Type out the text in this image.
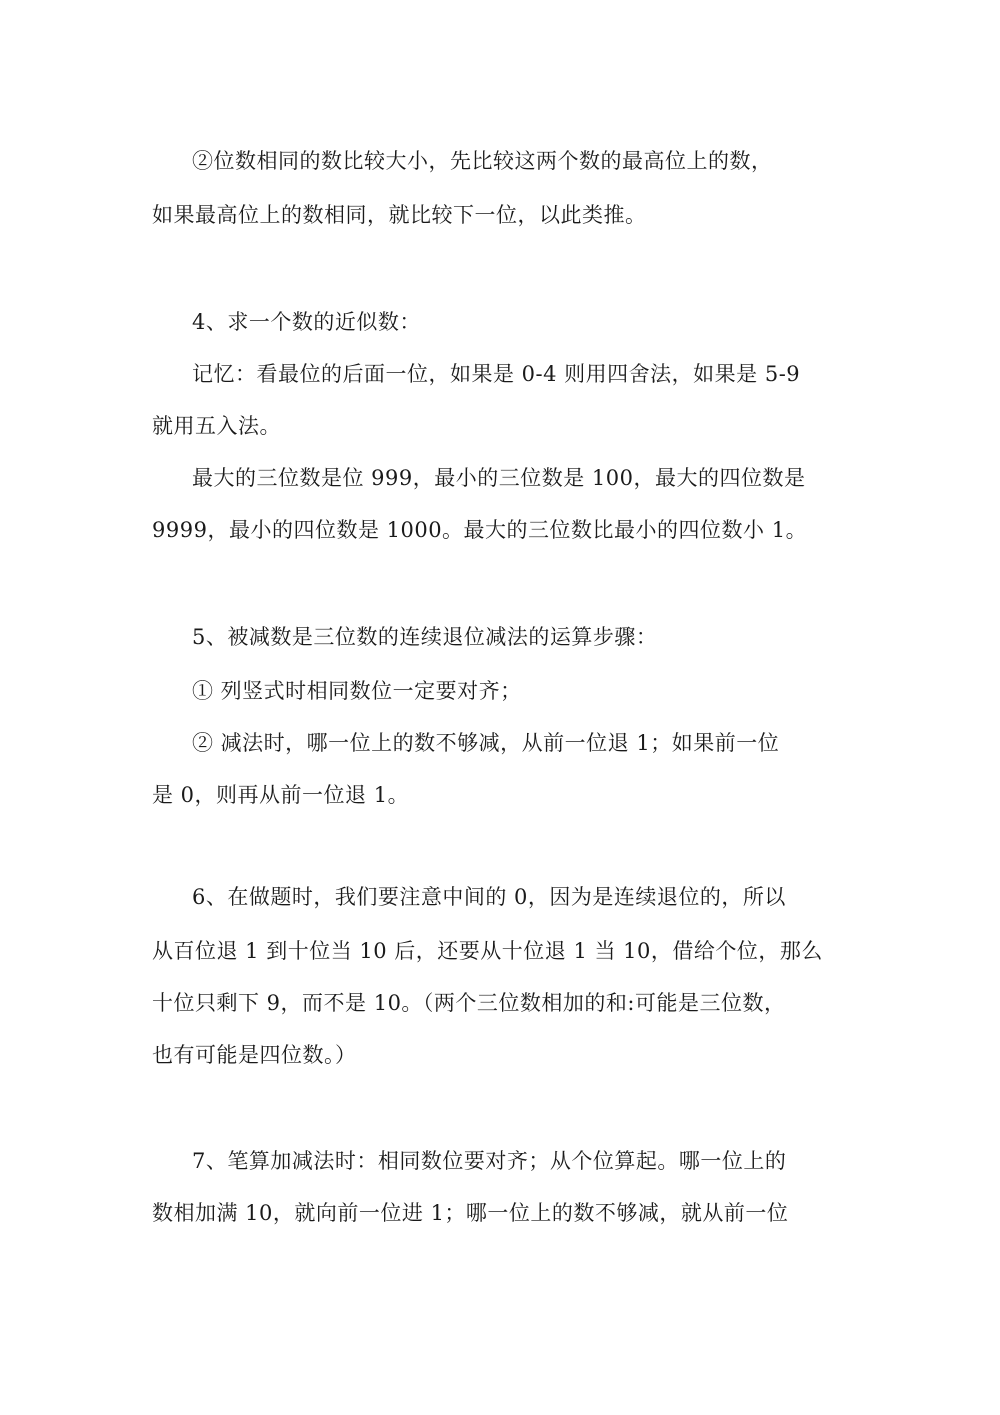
②位数相同的数比较大小，先比较这两个数的最高位上的数，
如果最高位上的数相同，就比较下一位，以此类推。
4、求一个数的近似数：
记忆：看最位的后面一位，如果是 0-4 则用四舍法，如果是 5-9
就用五入法。
最大的三位数是位 999，最小的三位数是 100，最大的四位数是
9999，最小的四位数是 1000。最大的三位数比最小的四位数小 1。
5、被减数是三位数的连续退位减法的运算步骤：
① 列竖式时相同数位一定要对齐；
② 减法时，哪一位上的数不够减，从前一位退 1；如果前一位
是 0，则再从前一位退 1。
6、在做题时，我们要注意中间的 0，因为是连续退位的，所以
从百位退 1 到十位当 10 后，还要从十位退 1 当 10，借给个位，那么
十位只剩下 9，而不是 10。（两个三位数相加的和:可能是三位数，
也有可能是四位数。）
7、笔算加减法时：相同数位要对齐；从个位算起。哪一位上的
数相加满 10，就向前一位进 1；哪一位上的数不够减，就从前一位
